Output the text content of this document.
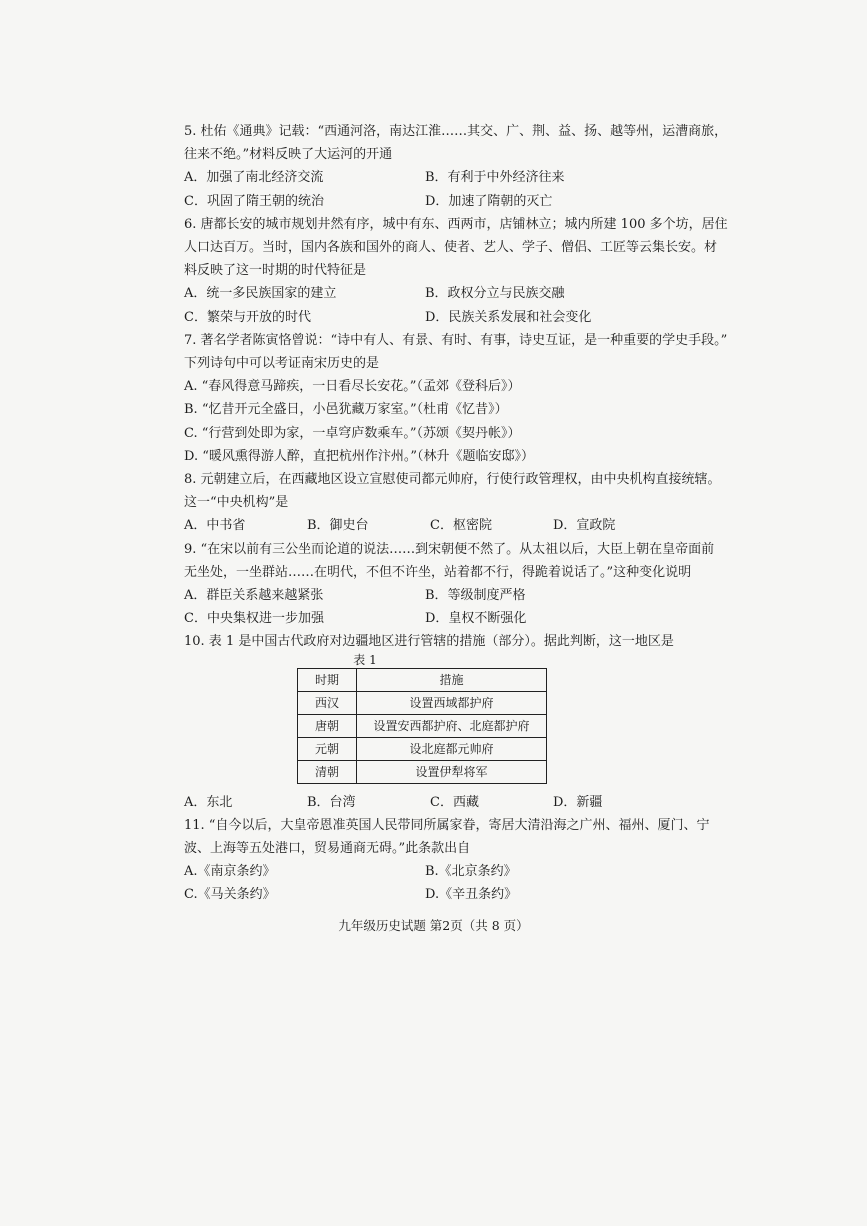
5. 杜佑《通典》记载：“西通河洛，南达江淮……其交、广、荆、益、扬、越等州，运漕商旅，
往来不绝。”材料反映了大运河的开通
A．加强了南北经济交流	B．有利于中外经济往来
C．巩固了隋王朝的统治	D．加速了隋朝的灭亡
6. 唐都长安的城市规划井然有序，城中有东、西两市，店铺林立；城内所建 100 多个坊，居住
人口达百万。当时，国内各族和国外的商人、使者、艺人、学子、僧侣、工匠等云集长安。材
料反映了这一时期的时代特征是
A．统一多民族国家的建立	B．政权分立与民族交融
C．繁荣与开放的时代	D．民族关系发展和社会变化
7. 著名学者陈寅恪曾说：“诗中有人、有景、有时、有事，诗史互证，是一种重要的学史手段。”
下列诗句中可以考证南宋历史的是
A. “春风得意马蹄疾，一日看尽长安花。”（孟郊《登科后》）
B. “忆昔开元全盛日，小邑犹藏万家室。”（杜甫《忆昔》）
C. “行营到处即为家，一卓穹庐数乘车。”（苏颂《契丹帐》）
D. “暖风熏得游人醉，直把杭州作汴州。”（林升《题临安邸》）
8. 元朝建立后，在西藏地区设立宣慰使司都元帅府，行使行政管理权，由中央机构直接统辖。
这一“中央机构”是
A．中书省	B．御史台	C．枢密院	D．宣政院
9. “在宋以前有三公坐而论道的说法……到宋朝便不然了。从太祖以后，大臣上朝在皇帝面前
无坐处，一坐群站……在明代，不但不许坐，站着都不行，得跪着说话了。”这种变化说明
A．群臣关系越来越紧张	B．等级制度严格
C．中央集权进一步加强	D．皇权不断强化
10. 表 1 是中国古代政府对边疆地区进行管辖的措施（部分）。据此判断，这一地区是
表 1
时期	措施
西汉	设置西域都护府
唐朝	设置安西都护府、北庭都护府
元朝	设北庭都元帅府
清朝	设置伊犁将军
A．东北	B．台湾	C．西藏	D．新疆
11. “自今以后，大皇帝恩准英国人民带同所属家眷，寄居大清沿海之广州、福州、厦门、宁
波、上海等五处港口，贸易通商无碍。”此条款出自
A.《南京条约》	B.《北京条约》
C.《马关条约》	D.《辛丑条约》
九年级历史试题 第2页（共 8 页）
